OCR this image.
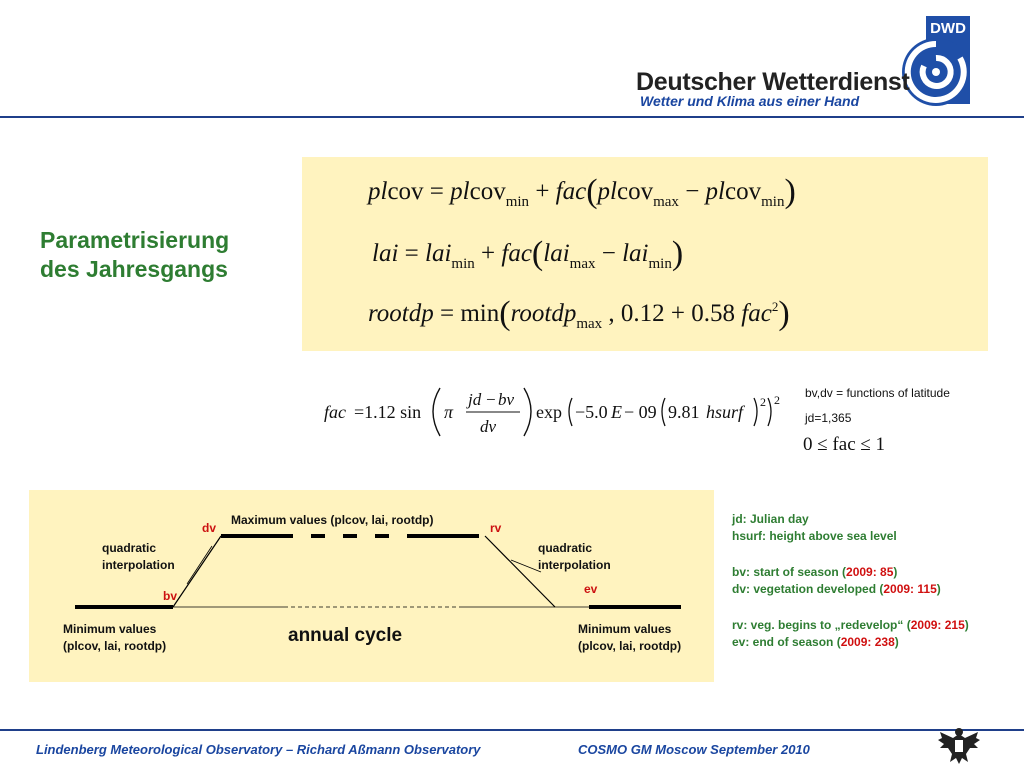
DWD
Deutscher Wetterdienst
Wetter und Klima aus einer Hand
Parametrisierung
des Jahresgangs
plcov = plcov$_{min}$ + fac(plcov$_{max}$ − plcov$_{min}$)
lai = lai$_{min}$ + fac(lai$_{max}$ − lai$_{min}$)
rootdp = min(rootdp$_{max}$ , 0.12 + 0.58 fac$^2$)
fac =1.12 sin π
jd − bv
dv
exp −5.0 E − 09 9.81 hsurf 2 2 bv,dv = functions of latitude
jd=1,365
0 ≤ fac ≤ 1
Maximum values (plcov, lai, rootdp)
dv	rv
bv	ev
quadratic
interpolation
quadratic
interpolation
Minimum values
(plcov, lai, rootdp)
Minimum values
(plcov, lai, rootdp)
annual cycle
jd: Julian day
hsurf: height above sea level
bv: start of season (2009: 85)
dv: vegetation developed (2009: 115)
rv: veg. begins to „redevelop“ (2009: 215)
ev: end of season (2009: 238)
Lindenberg Meteorological Observatory – Richard Aßmann Observatory	COSMO GM Moscow September 2010
